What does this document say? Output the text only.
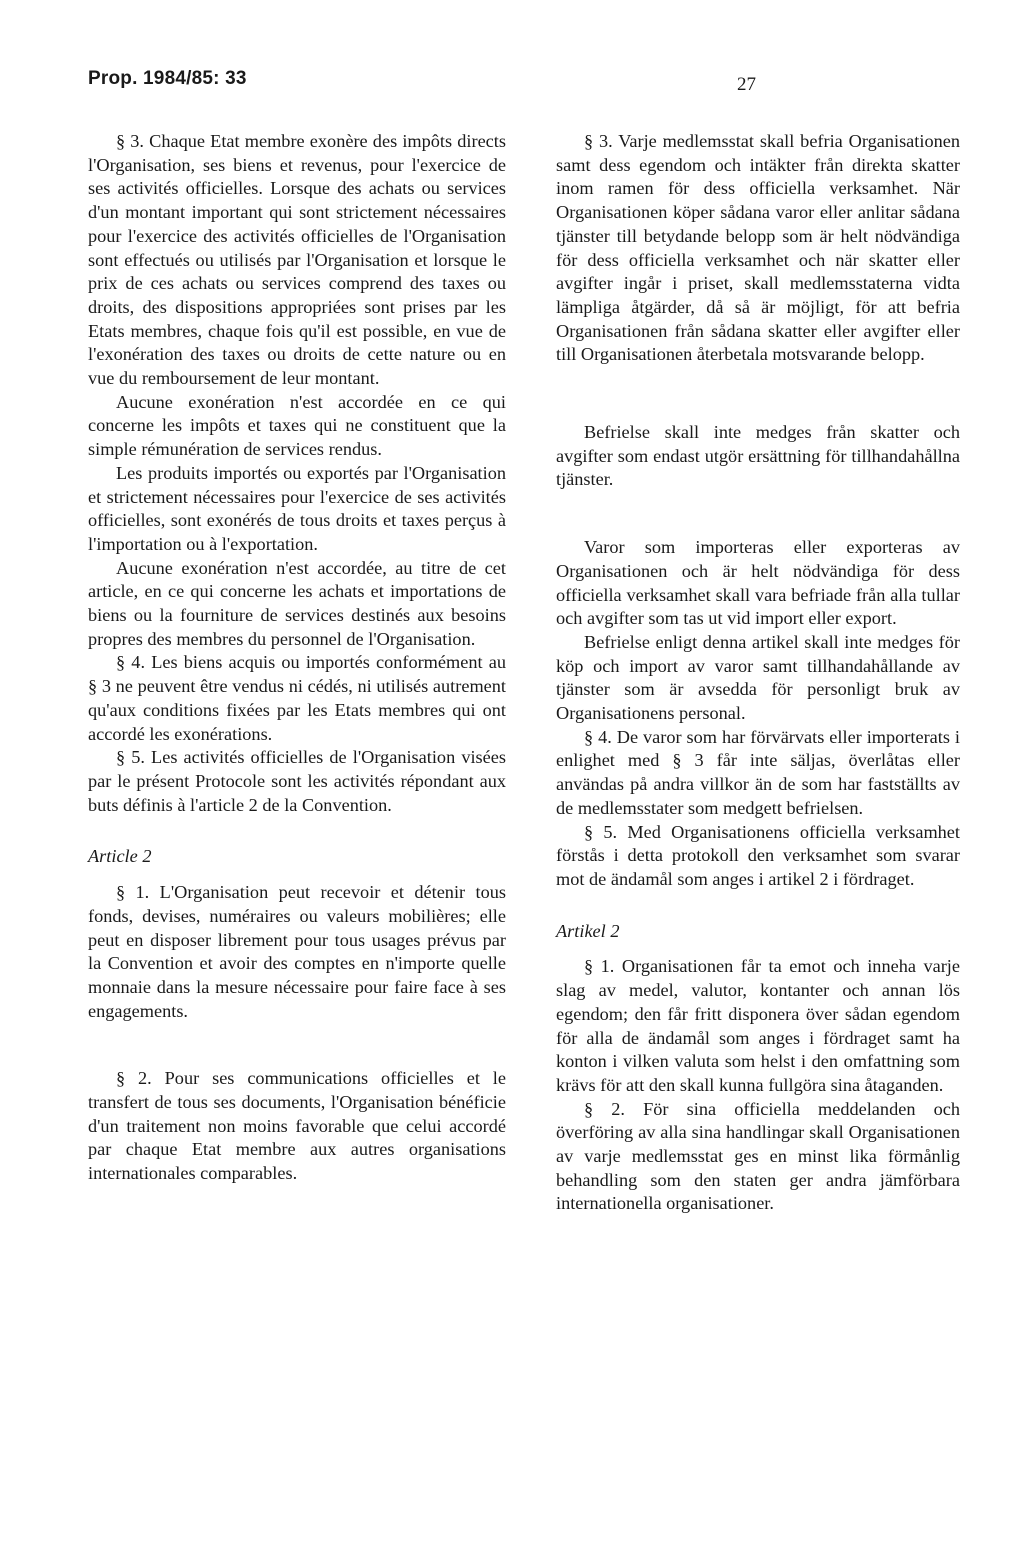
Prop. 1984/85: 33	27

§ 3. Chaque Etat membre exonère des impôts directs l'Organisation, ses biens et revenus, pour l'exercice de ses activités officielles. Lorsque des achats ou services d'un montant important qui sont strictement nécessaires pour l'exercice des activités officielles de l'Organisation sont effectués ou utilisés par l'Organisation et lorsque le prix de ces achats ou services comprend des taxes ou droits, des dispositions appropriées sont prises par les Etats membres, chaque fois qu'il est possible, en vue de l'exonération des taxes ou droits de cette nature ou en vue du remboursement de leur montant.

Aucune exonération n'est accordée en ce qui concerne les impôts et taxes qui ne constituent que la simple rémunération de services rendus.

Les produits importés ou exportés par l'Organisation et strictement nécessaires pour l'exercice de ses activités officielles, sont exonérés de tous droits et taxes perçus à l'importation ou à l'exportation.

Aucune exonération n'est accordée, au titre de cet article, en ce qui concerne les achats et importations de biens ou la fourniture de services destinés aux besoins propres des membres du personnel de l'Organisation.

§ 4. Les biens acquis ou importés conformément au § 3 ne peuvent être vendus ni cédés, ni utilisés autrement qu'aux conditions fixées par les Etats membres qui ont accordé les exonérations.

§ 5. Les activités officielles de l'Organisation visées par le présent Protocole sont les activités répondant aux buts définis à l'article 2 de la Convention.

Article 2

§ 1. L'Organisation peut recevoir et détenir tous fonds, devises, numéraires ou valeurs mobilières; elle peut en disposer librement pour tous usages prévus par la Convention et avoir des comptes en n'importe quelle monnaie dans la mesure nécessaire pour faire face à ses engagements.

§ 2. Pour ses communications officielles et le transfert de tous ses documents, l'Organisation bénéficie d'un traitement non moins favorable que celui accordé par chaque Etat membre aux autres organisations internationales comparables.

§ 3. Varje medlemsstat skall befria Organisationen samt dess egendom och intäkter från direkta skatter inom ramen för dess officiella verksamhet. När Organisationen köper sådana varor eller anlitar sådana tjänster till betydande belopp som är helt nödvändiga för dess officiella verksamhet och när skatter eller avgifter ingår i priset, skall medlemsstaterna vidta lämpliga åtgärder, då så är möjligt, för att befria Organisationen från sådana skatter eller avgifter eller till Organisationen återbetala motsvarande belopp.

Befrielse skall inte medges från skatter och avgifter som endast utgör ersättning för tillhandahållna tjänster.

Varor som importeras eller exporteras av Organisationen och är helt nödvändiga för dess officiella verksamhet skall vara befriade från alla tullar och avgifter som tas ut vid import eller export.

Befrielse enligt denna artikel skall inte medges för köp och import av varor samt tillhandahållande av tjänster som är avsedda för personligt bruk av Organisationens personal.

§ 4. De varor som har förvärvats eller importerats i enlighet med § 3 får inte säljas, överlåtas eller användas på andra villkor än de som har fastställts av de medlemsstater som medgett befrielsen.

§ 5. Med Organisationens officiella verksamhet förstås i detta protokoll den verksamhet som svarar mot de ändamål som anges i artikel 2 i fördraget.

Artikel 2

§ 1. Organisationen får ta emot och inneha varje slag av medel, valutor, kontanter och annan lös egendom; den får fritt disponera över sådan egendom för alla de ändamål som anges i fördraget samt ha konton i vilken valuta som helst i den omfattning som krävs för att den skall kunna fullgöra sina åtaganden.

§ 2. För sina officiella meddelanden och överföring av alla sina handlingar skall Organisationen av varje medlemsstat ges en minst lika förmånlig behandling som den staten ger andra jämförbara internationella organisationer.
